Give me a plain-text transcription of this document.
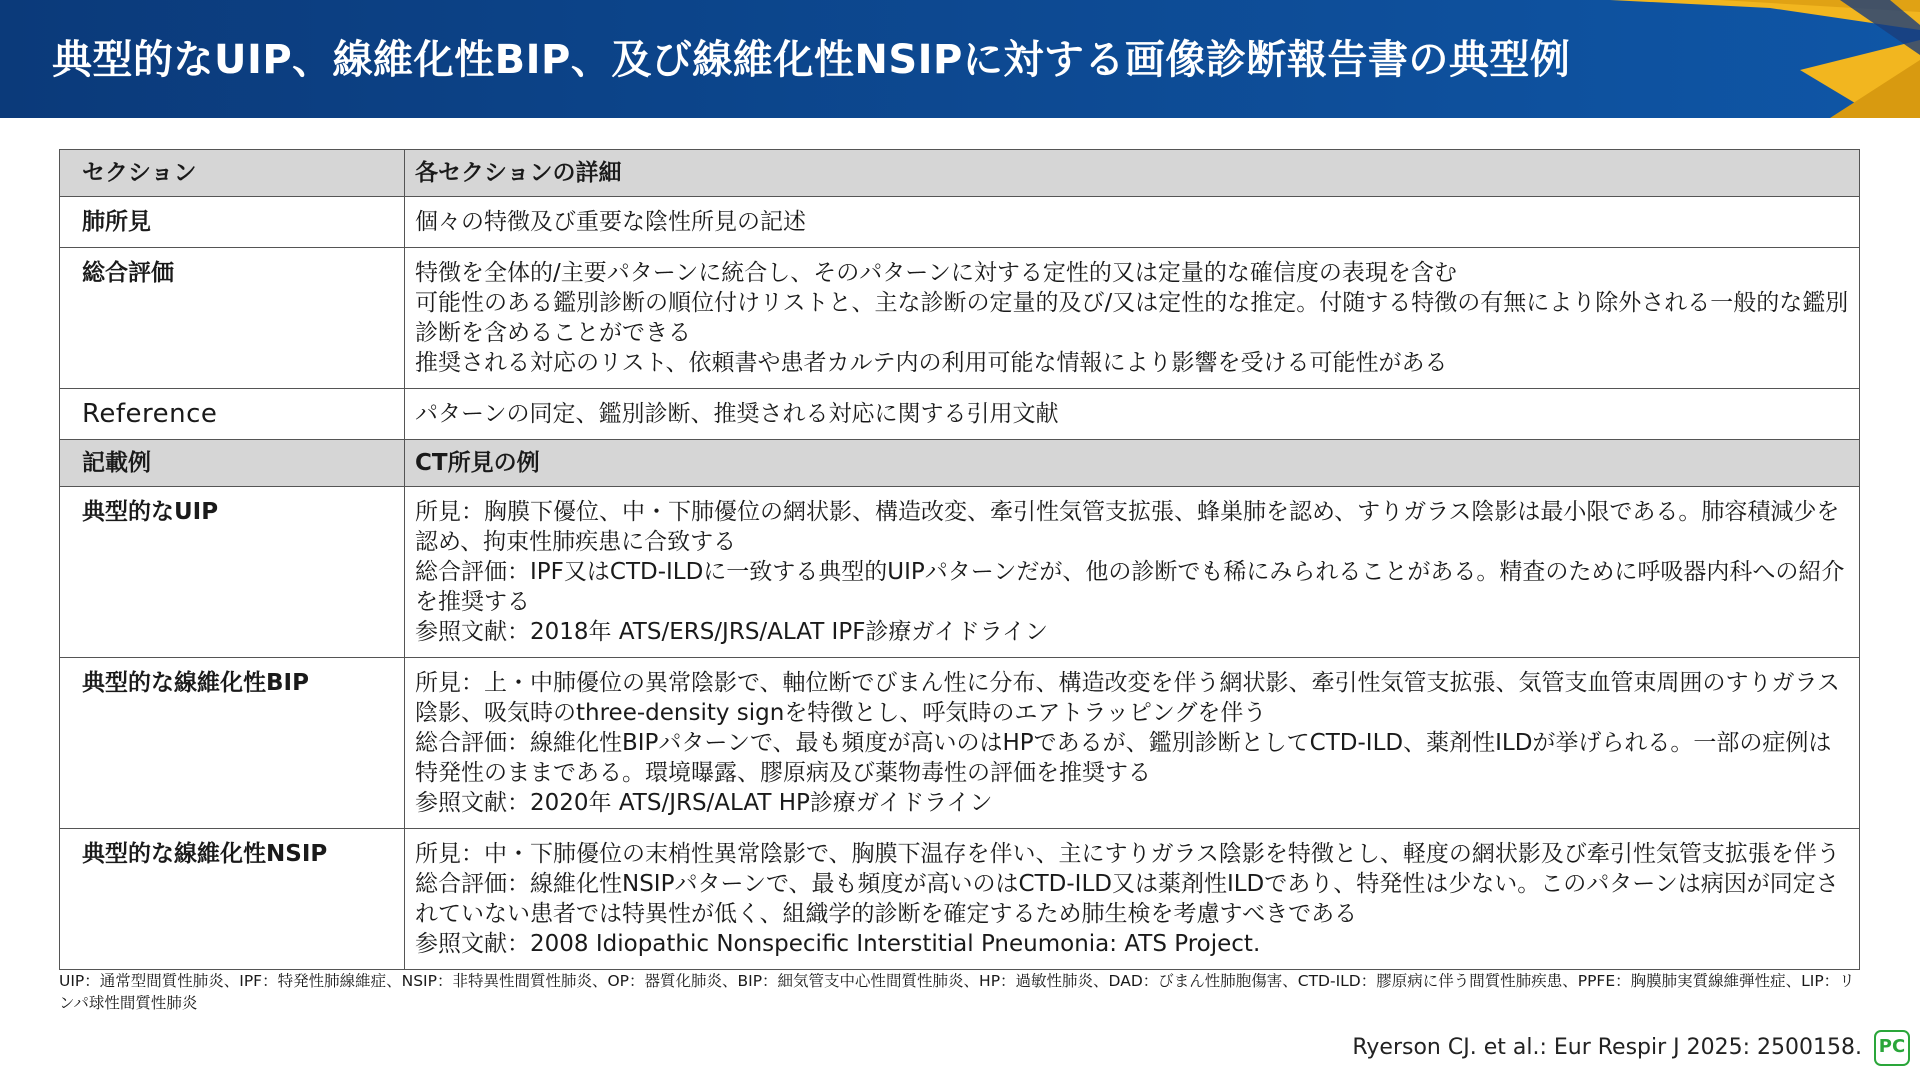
典型的なUIP、線維化性BIP、及び線維化性NSIPに対する画像診断報告書の典型例
セクション	各セクションの詳細
肺所見	個々の特徴及び重要な陰性所見の記述

総合評価	特徴を全体的/主要パターンに統合し、そのパターンに対する定性的又は定量的な確信度の表現を含む
可能性のある鑑別診断の順位付けリストと、主な診断の定量的及び/又は定性的な推定。付随する特徴の有無により除外される一般的な鑑別診断を含めることができる
推奨される対応のリスト、依頼書や患者カルテ内の利用可能な情報により影響を受ける可能性がある

Reference	パターンの同定、鑑別診断、推奨される対応に関する引用文献

記載例	CT所見の例
典型的なUIP	所見：胸膜下優位、中・下肺優位の網状影、構造改変、牽引性気管支拡張、蜂巣肺を認め、すりガラス陰影は最小限である。肺容積減少を認め、拘束性肺疾患に合致する
総合評価：IPF又はCTD-ILDに一致する典型的UIPパターンだが、他の診断でも稀にみられることがある。精査のために呼吸器内科への紹介を推奨する
参照文献：2018年 ATS/ERS/JRS/ALAT IPF診療ガイドライン

典型的な線維化性BIP	所見：上・中肺優位の異常陰影で、軸位断でびまん性に分布、構造改変を伴う網状影、牽引性気管支拡張、気管支血管束周囲のすりガラス陰影、吸気時のthree-density signを特徴とし、呼気時のエアトラッピングを伴う
総合評価：線維化性BIPパターンで、最も頻度が高いのはHPであるが、鑑別診断としてCTD-ILD、薬剤性ILDが挙げられる。一部の症例は特発性のままである。環境曝露、膠原病及び薬物毒性の評価を推奨する
参照文献：2020年 ATS/JRS/ALAT HP診療ガイドライン

典型的な線維化性NSIP	所見：中・下肺優位の末梢性異常陰影で、胸膜下温存を伴い、主にすりガラス陰影を特徴とし、軽度の網状影及び牽引性気管支拡張を伴う
総合評価：線維化性NSIPパターンで、最も頻度が高いのはCTD-ILD又は薬剤性ILDであり、特発性は少ない。このパターンは病因が同定されていない患者では特異性が低く、組織学的診断を確定するため肺生検を考慮すべきである
参照文献：2008 Idiopathic Nonspecific Interstitial Pneumonia: ATS Project.
UIP：通常型間質性肺炎、IPF：特発性肺線維症、NSIP：非特異性間質性肺炎、OP：器質化肺炎、BIP：細気管支中心性間質性肺炎、HP：過敏性肺炎、DAD：びまん性肺胞傷害、CTD-ILD：膠原病に伴う間質性肺疾患、PPFE：胸膜肺実質線維弾性症、LIP：リンパ球性間質性肺炎
Ryerson CJ. et al.: Eur Respir J 2025: 2500158. PC
